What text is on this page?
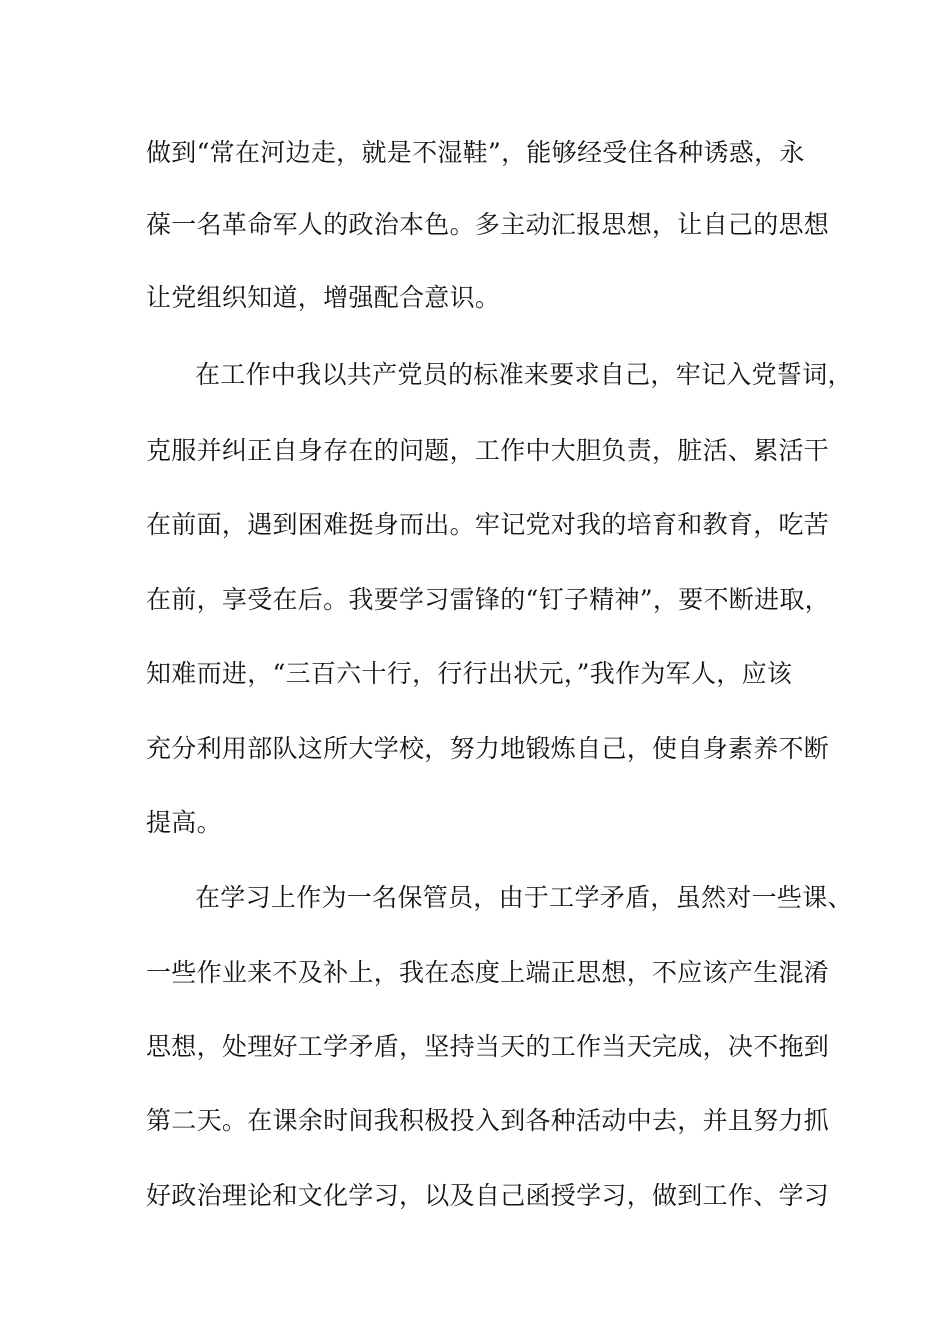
做到“常在河边走，就是不湿鞋”，能够经受住各种诱惑，永
葆一名革命军人的政治本色。多主动汇报思想，让自己的思想
让党组织知道，增强配合意识。
在工作中我以共产党员的标准来要求自己，牢记入党誓词，
克服并纠正自身存在的问题，工作中大胆负责，脏活、累活干
在前面，遇到困难挺身而出。牢记党对我的培育和教育，吃苦
在前，享受在后。我要学习雷锋的“钉子精神”，要不断进取，
知难而进，“三百六十行，行行出状元，”我作为军人，应该
充分利用部队这所大学校，努力地锻炼自己，使自身素养不断
提高。
在学习上作为一名保管员，由于工学矛盾，虽然对一些课、
一些作业来不及补上，我在态度上端正思想，不应该产生混淆
思想，处理好工学矛盾，坚持当天的工作当天完成，决不拖到
第二天。在课余时间我积极投入到各种活动中去，并且努力抓
好政治理论和文化学习，以及自己函授学习，做到工作、学习
